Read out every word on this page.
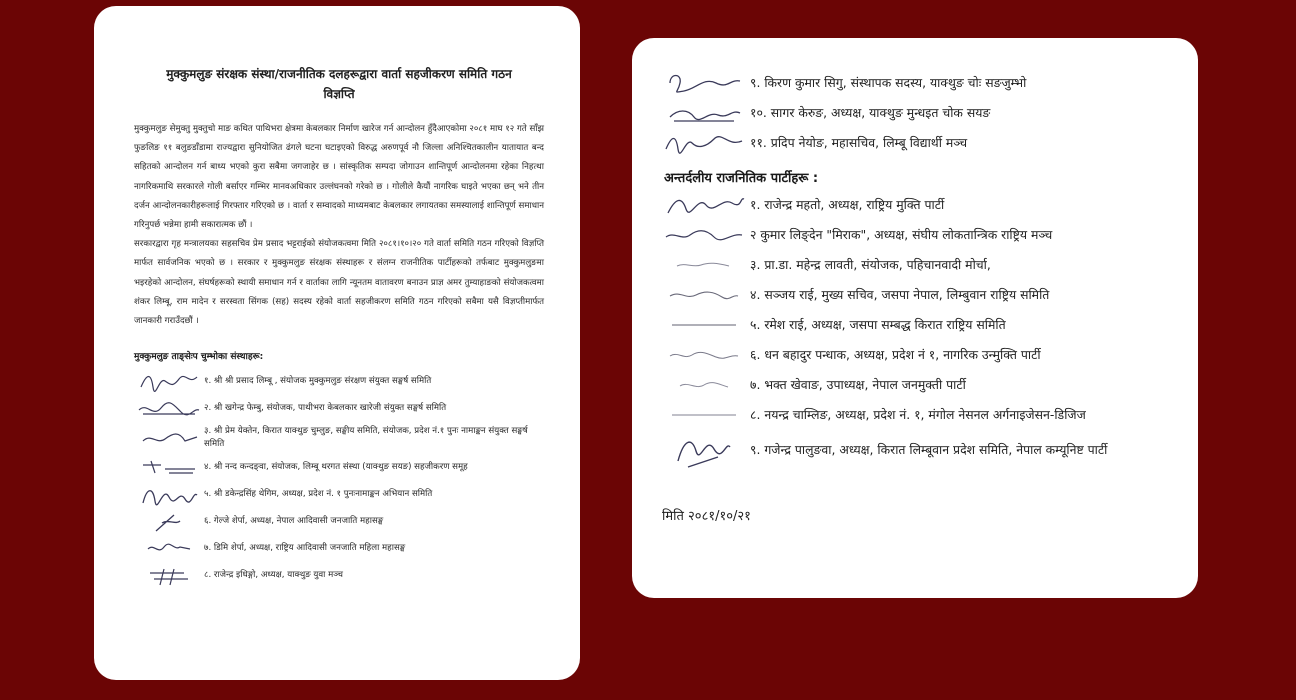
मुक्कुमलुङ संरक्षक संस्था/राजनीतिक दलहरूद्वारा वार्ता सहजीकरण समिति गठन

विज्ञप्ति

मुक्कुमलुङ सेमुक्तु मुक्तुचो माङ कथित पाथिभरा क्षेत्रमा केबलकार निर्माण खारेज गर्न आन्दोलन हुँदैआएकोमा २०८१ माघ १२ गते साँझ फुङलिङ ११ बलुङडाँडामा राज्यद्वारा सुनियोजित ढंगले घटना घटाइएको विरुद्ध अरुणपूर्व नौ जिल्ला अनिश्चितकालीन यातायात बन्द सहितको आन्दोलन गर्न बाध्य भएको कुरा सबैमा जगजाहेर छ । सांस्कृतिक सम्पदा जोगाउन शान्तिपूर्ण आन्दोलनमा रहेका निहत्था नागरिकमाथि सरकारले गोली बर्साएर गम्भिर मानवअधिकार उल्लंघनको गरेको छ । गोलीले कैयौं नागरिक घाइते भएका छन् भने तीन दर्जन आन्दोलनकारीहरूलाई गिरफ्तार गरिएको छ । वार्ता र सम्वादको माध्यमबाट केबलकार लगायतका समस्यालाई शान्तिपूर्ण समाधान गरिनुपर्छ भन्नेमा हामी सकारात्मक छौं ।

सरकारद्वारा गृह मन्त्रालयका सहसचिव प्रेम प्रसाद भट्टराईको संयोजकत्वमा मिति २०८१।१०।२० गते वार्ता समिति गठन गरिएको विज्ञप्ति मार्फत सार्वजनिक भएको छ । सरकार र मुक्कुमलुङ संरक्षक संस्थाहरू र संलग्न राजनीतिक पार्टीहरूको तर्फबाट मुक्कुमलुङमा भइरहेको आन्दोलन, संघर्षहरूको स्थायी समाधान गर्न र वार्ताका लागि न्यूनतम वातावरण बनाउन प्राज्ञ अमर तुम्याहाङको संयोजकत्वमा शंकर लिम्बू, राम मादेन र सरस्वता सिंगक (सह) सदस्य रहेको वार्ता सहजीकरण समिति गठन गरिएको सबैमा यसै विज्ञप्तीमार्फत जानकारी गराउँदछौं ।

मुक्कुमलुङ ताङ्सेःप चुम्भोका संस्थाहरू:
१. श्री श्री प्रसाद लिम्बू , संयोजक मुक्कुमलुङ संरक्षण संयुक्त सङ्घर्ष समिति
२. श्री खगेन्द्र फेम्बु, संयोजक, पाथीभरा केबलकार खारेजी संयुक्त सङ्घर्ष समिति
३. श्री प्रेम येक्तेन, किरात याक्थुङ चुम्लुङ, सङ्घीय समिति, संयोजक, प्रदेश नं.१ पुनः नामाङ्कन संयुक्त सङ्घर्ष समिति
४. श्री नन्द कन्दङ्वा, संयोजक, लिम्बू थरगत संस्था (याक्थुङ सयङ) सहजीकरण समूह
५. श्री डकेन्द्रसिंह थेगिम, अध्यक्ष, प्रदेश नं. १ पुनःनामाङ्कन अभियान समिति
६. गेल्जे शेर्पा, अध्यक्ष, नेपाल आदिवासी जनजाति महासङ्घ
७. डिमि शेर्पा, अध्यक्ष, राष्ट्रिय आदिवासी जनजाति महिला महासङ्घ
८. राजेन्द्र इधिङ्गो, अध्यक्ष, याक्थुङ युवा मञ्च
९. किरण कुमार सिगु, संस्थापक सदस्य, याक्थुङ चोः सङजुम्भो
१०. सागर केरुङ, अध्यक्ष, याक्थुङ मुन्धइत चोक सयङ
११. प्रदिप नेयोङ, महासचिव, लिम्बू विद्यार्थी मञ्च
अन्तर्दलीय राजनितिक पार्टीहरू :
१. राजेन्द्र महतो, अध्यक्ष, राष्ट्रिय मुक्ति पार्टी
२ कुमार लिङ्देन "मिराक", अध्यक्ष, संघीय लोकतान्त्रिक राष्ट्रिय मञ्च
३. प्रा.डा. महेन्द्र लावती, संयोजक, पहिचानवादी मोर्चा,
४. सञ्जय राई, मुख्य सचिव, जसपा नेपाल, लिम्बुवान राष्ट्रिय समिति
५. रमेश राई, अध्यक्ष, जसपा सम्बद्ध किरात राष्ट्रिय समिति
६. धन बहादुर पन्धाक, अध्यक्ष, प्रदेश नं १, नागरिक उन्मुक्ति पार्टी
७. भक्त खेवाङ, उपाध्यक्ष, नेपाल जनमुक्ती पार्टी
८. नयन्द्र चाम्लिङ, अध्यक्ष, प्रदेश नं. १, मंगोल नेसनल अर्गनाइजेसन-डिजिज
९. गजेन्द्र पालुङवा, अध्यक्ष, किरात लिम्बूवान प्रदेश समिति, नेपाल कम्यूनिष्ट पार्टी
मिति २०८१/१०/२१
